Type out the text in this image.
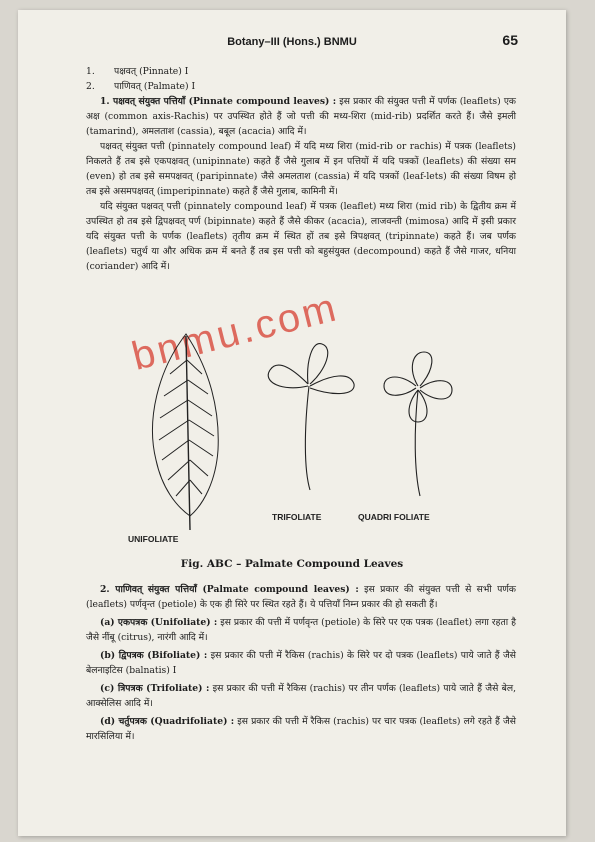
Botany–III (Hons.) BNMU	65
1. पक्षवत् (Pinnate) I
2. पाणिवत् (Palmate) I

1. पक्षवत् संयुक्त पत्तियाँ (Pinnate compound leaves) : इस प्रकार की संयुक्त पत्ती में पर्णक (leaflets) एक अक्ष (common axis-Rachis) पर उपस्थित होते हैं जो पत्ती की मध्य-शिरा (mid-rib) प्रदर्शित करते हैं। जैसे इमली (tamarind), अमलताश (cassia), बबूल (acacia) आदि में।

पक्षवत् संयुक्त पत्ती (pinnately compound leaf) में यदि मध्य शिरा (mid-rib or rachis) में पत्रक (leaflets) निकलते हैं तब इसे एकपक्षवत् (unipinnate) कहते हैं जैसे गुलाब में इन पत्तियों में यदि पत्रकों (leaflets) की संख्या सम (even) हो तब इसे समपक्षवत् (paripinnate) जैसे अमलताश (cassia) में यदि पत्रकों (leaf-lets) की संख्या विषम हो तब इसे असमपक्षवत् (imperipinnate) कहते हैं जैसे गुलाब, कामिनी में।

यदि संयुक्त पक्षवत् पत्ती (pinnately compound leaf) में पत्रक (leaflet) मध्य शिरा (mid rib) के द्वितीय क्रम में उपस्थित हो तब इसे द्विपक्षवत् पर्ण (bipinnate) कहते हैं जैसे कीकर (acacia), लाजवन्ती (mimosa) आदि में इसी प्रकार यदि संयुक्त पत्ती के पर्णक (leaflets) तृतीय क्रम में स्थित हों तब इसे त्रिपक्षवत् (tripinnate) कहते हैं। जब पर्णक (leaflets) चतुर्थ या और अधिक क्रम में बनते हैं तब इस पत्ती को बहुसंयुक्त (decompound) कहते हैं जैसे गाजर, धनिया (coriander) आदि में।

bnmu.com
UNIFOLIATE
TRIFOLIATE	QUADRI FOLIATE
Fig. ABC – Palmate Compound Leaves

2. पाणिवत् संयुक्त पत्तियाँ (Palmate compound leaves) : इस प्रकार की संयुक्त पत्ती से सभी पर्णक (leaflets) पर्णवृन्त (petiole) के एक ही सिरे पर स्थित रहते हैं। ये पत्तियाँ निम्न प्रकार की हो सकती हैं।

(a) एकपत्रक (Unifoliate) : इस प्रकार की पत्ती में पर्णवृन्त (petiole) के सिरे पर एक पत्रक (leaflet) लगा रहता है जैसे नींबू (citrus), नारंगी आदि में।

(b) द्विपत्रक (Bifoliate) : इस प्रकार की पत्ती में रैकिस (rachis) के सिरे पर दो पत्रक (leaflets) पाये जाते हैं जैसे बेलनाइटिस (balnatis) I

(c) त्रिपत्रक (Trifoliate) : इस प्रकार की पत्ती में रैकिस (rachis) पर तीन पर्णक (leaflets) पाये जाते हैं जैसे बेल, आक्सेलिस आदि में।

(d) चर्तुपत्रक (Quadrifoliate) : इस प्रकार की पत्ती में रैकिस (rachis) पर चार पत्रक (leaflets) लगे रहते हैं जैसे मारसिलिया में।
